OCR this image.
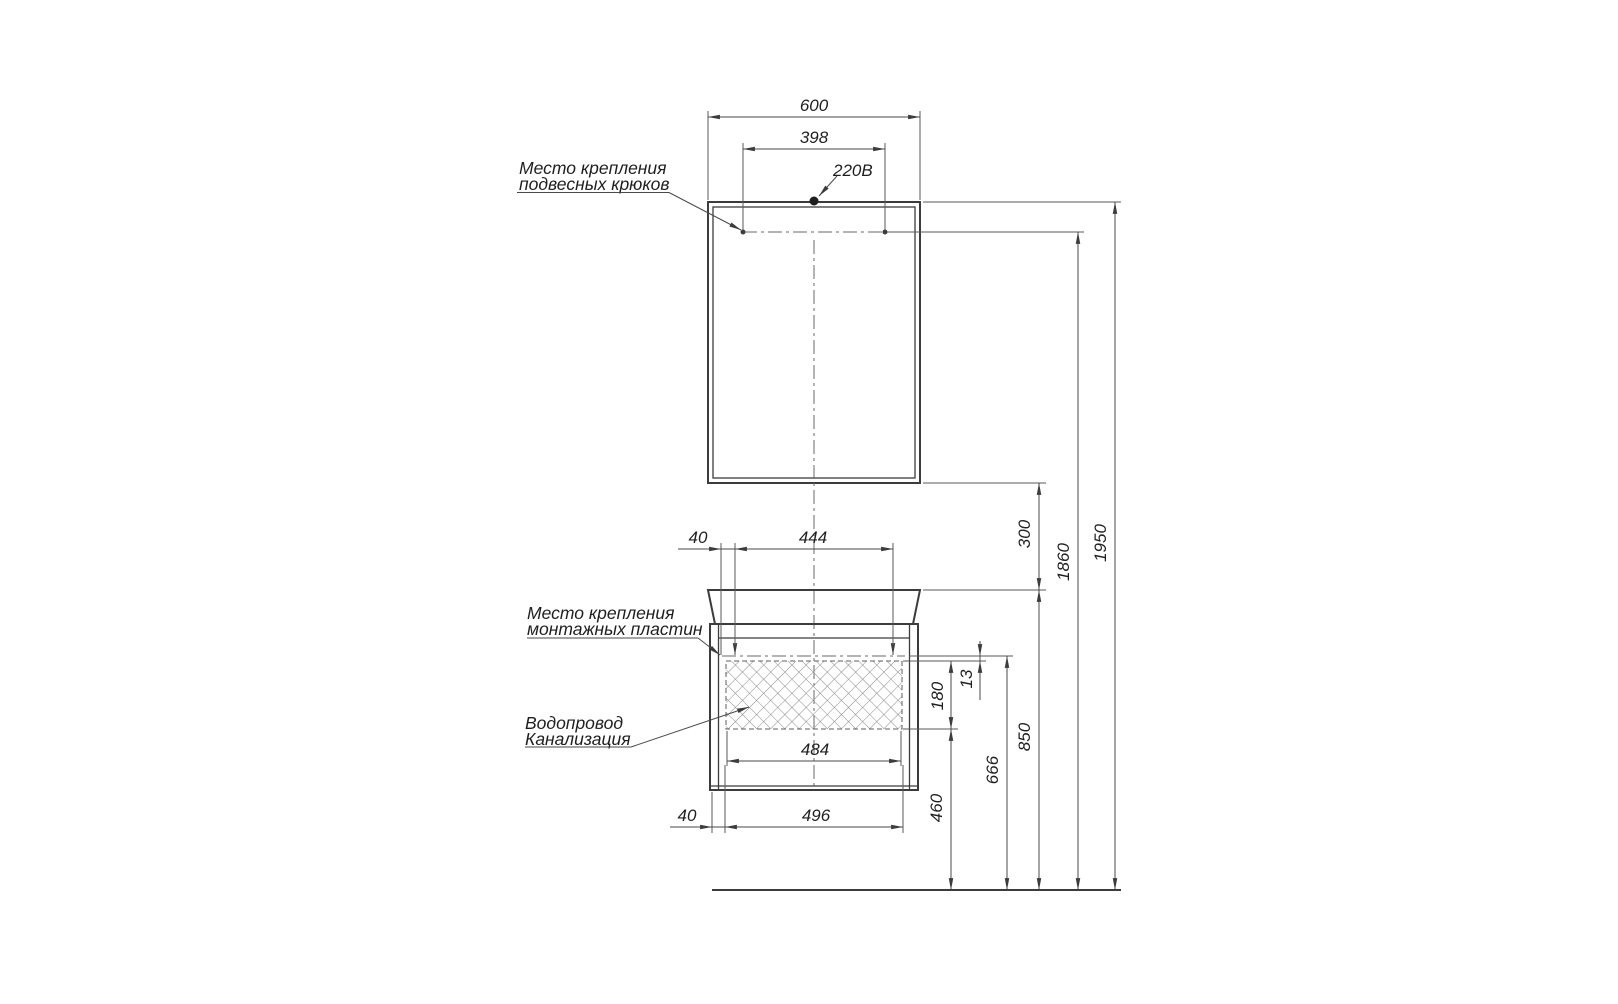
600
398
40	444
484
496
40
300
850
1860
1950
13
180
460
666
Место крепления
подвесных крюков
Место крепления
монтажных пластин
Водопровод
Канализация
220В
